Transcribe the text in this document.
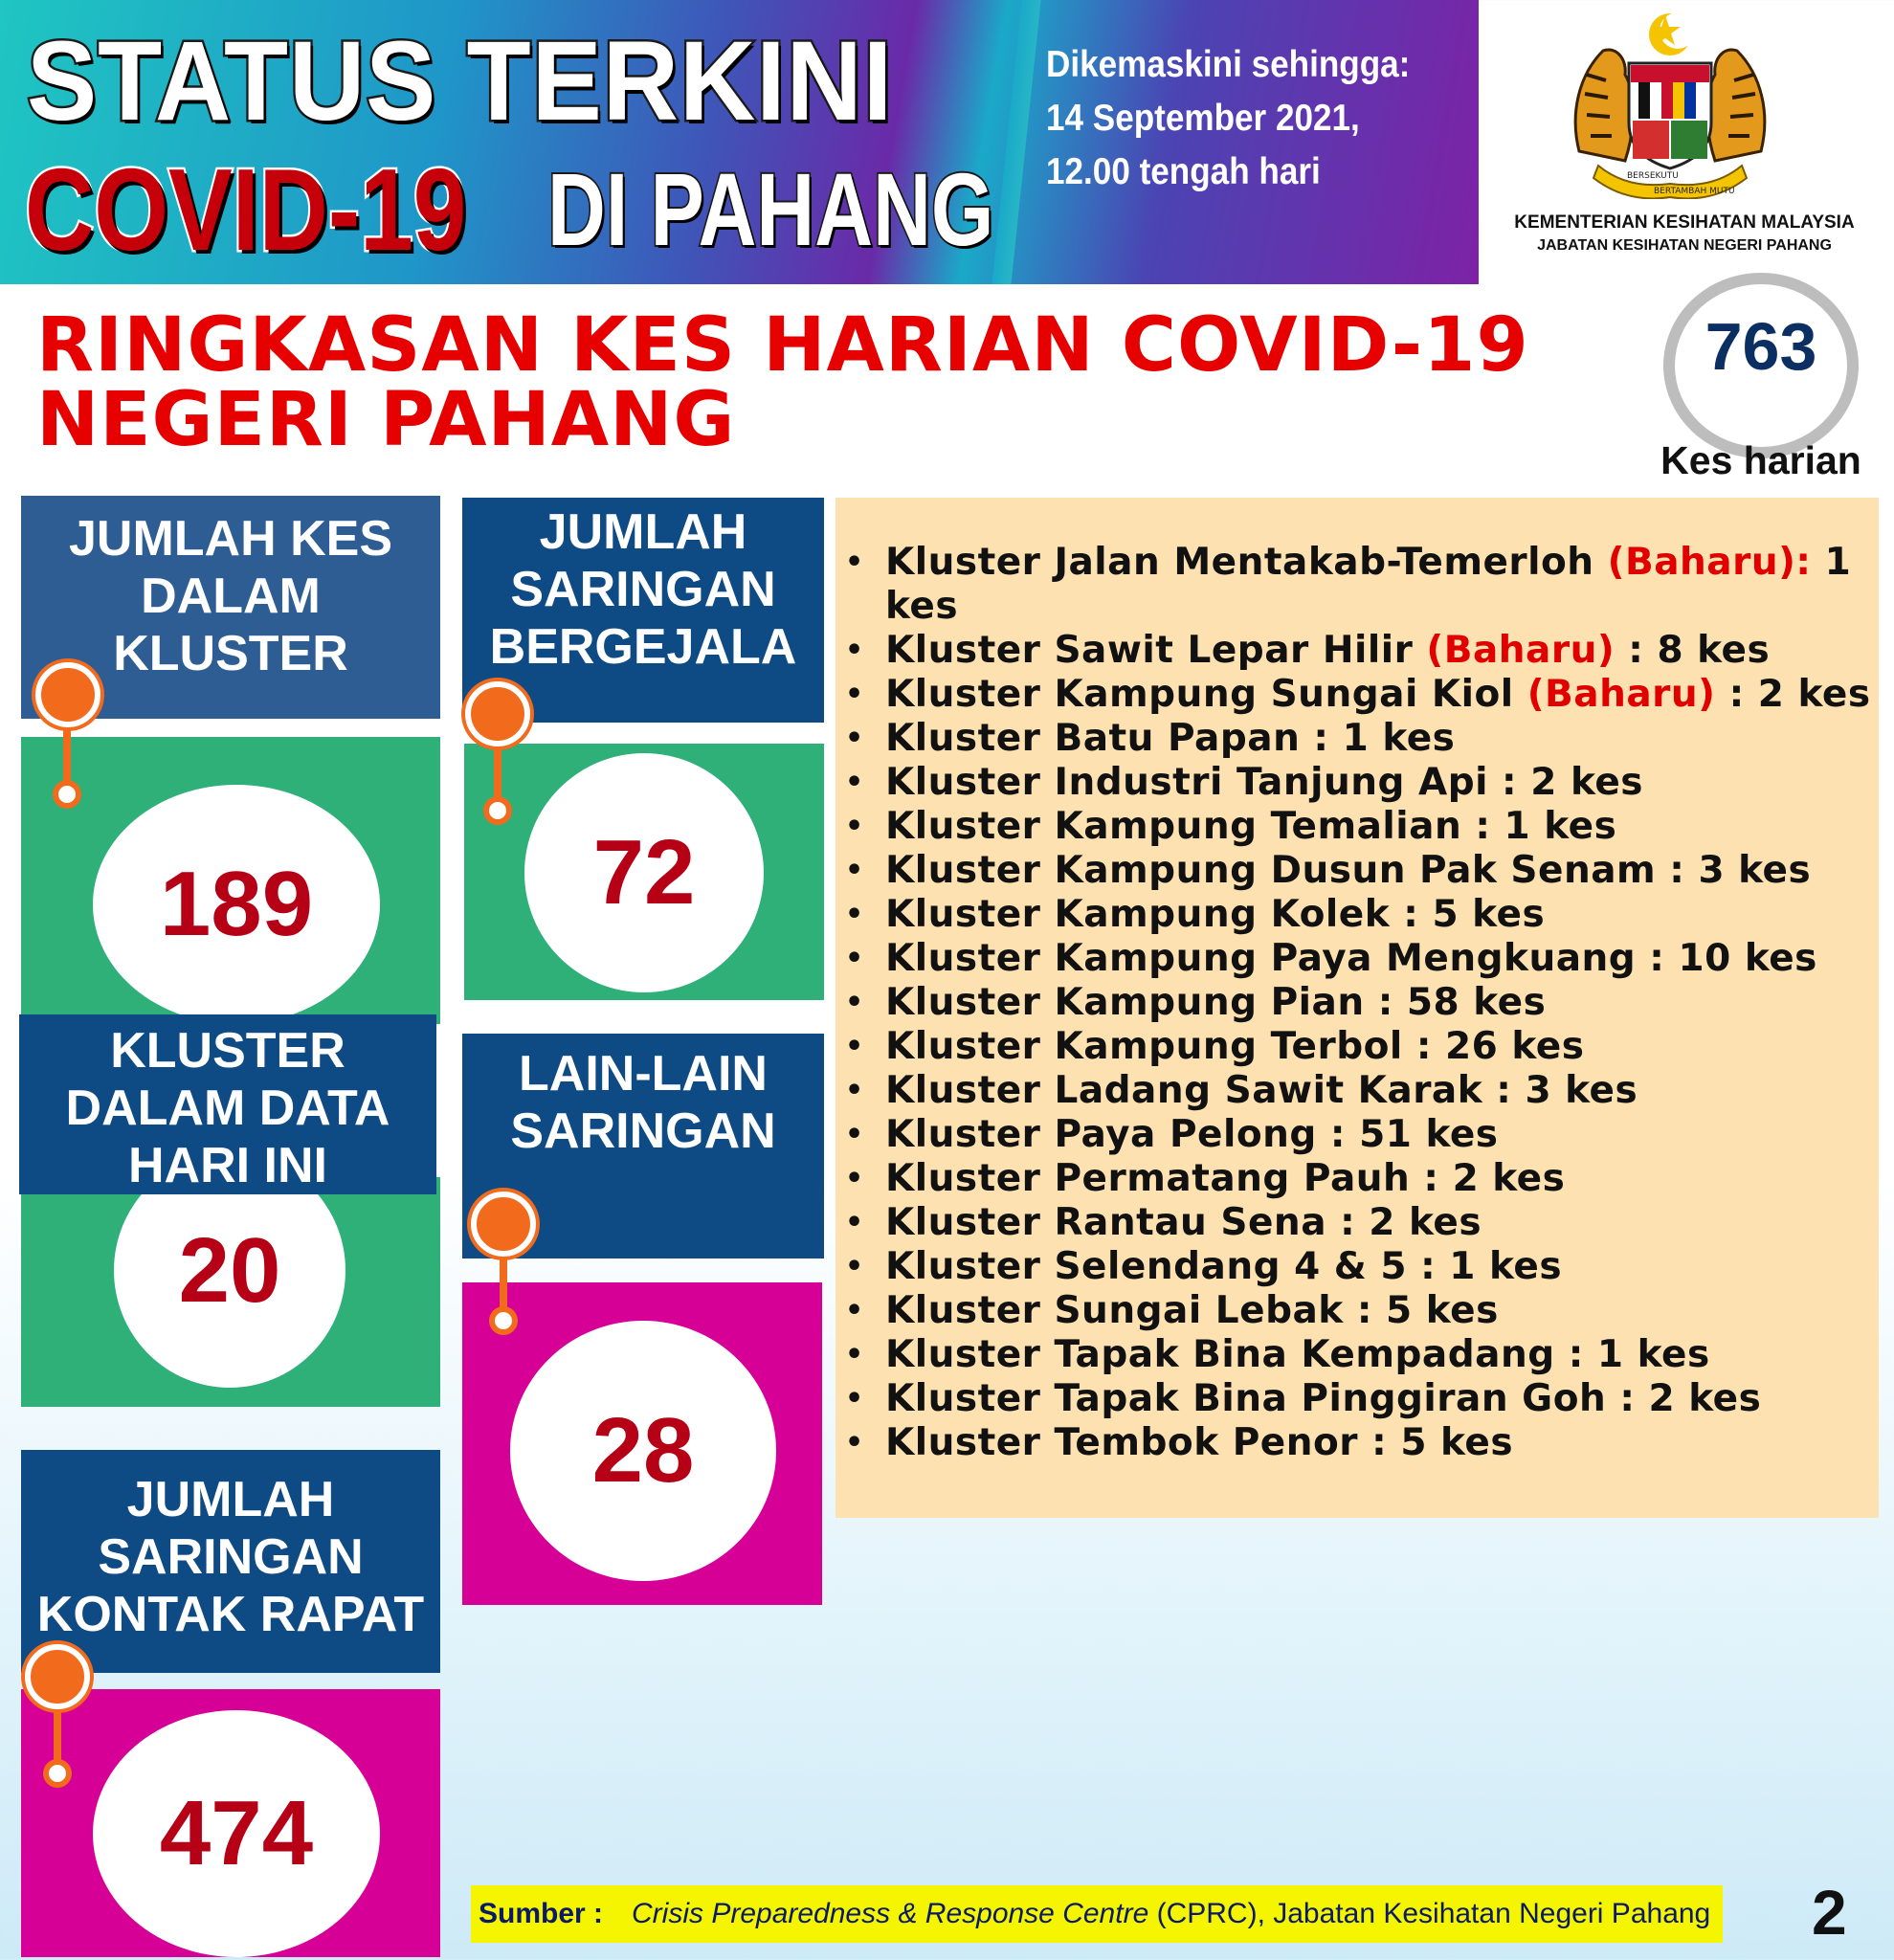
STATUS TERKINI
COVID-19 DI PAHANG
Dikemaskini sehingga:
14 September 2021,
12.00 tengah hari	BERSEKUTU
BERTAMBAH MUTU
KEMENTERIAN KESIHATAN MALAYSIA
JABATAN KESIHATAN NEGERI PAHANG
RINGKASAN KES HARIAN COVID-19
NEGERI PAHANG
763
Kes harian
JUMLAH KES
DALAM
KLUSTER
189
JUMLAH
SARINGAN
BERGEJALA
72
20
KLUSTER
DALAM DATA
HARI INI
LAIN-LAIN
SARINGAN
28
JUMLAH
SARINGAN
KONTAK RAPAT
474
• Kluster Jalan Mentakab-Temerloh (Baharu): 1 kes
• Kluster Sawit Lepar Hilir (Baharu) : 8 kes
• Kluster Kampung Sungai Kiol (Baharu) : 2 kes
• Kluster Batu Papan : 1 kes
• Kluster Industri Tanjung Api : 2 kes
• Kluster Kampung Temalian : 1 kes
• Kluster Kampung Dusun Pak Senam : 3 kes
• Kluster Kampung Kolek : 5 kes
• Kluster Kampung Paya Mengkuang : 10 kes
• Kluster Kampung Pian : 58 kes
• Kluster Kampung Terbol : 26 kes
• Kluster Ladang Sawit Karak : 3 kes
• Kluster Paya Pelong : 51 kes
• Kluster Permatang Pauh : 2 kes
• Kluster Rantau Sena : 2 kes
• Kluster Selendang 4 & 5 : 1 kes
• Kluster Sungai Lebak : 5 kes
• Kluster Tapak Bina Kempadang : 1 kes
• Kluster Tapak Bina Pinggiran Goh : 2 kes
• Kluster Tembok Penor : 5 kes
Sumber : Crisis Preparedness & Response Centre (CPRC), Jabatan Kesihatan Negeri Pahang 2
